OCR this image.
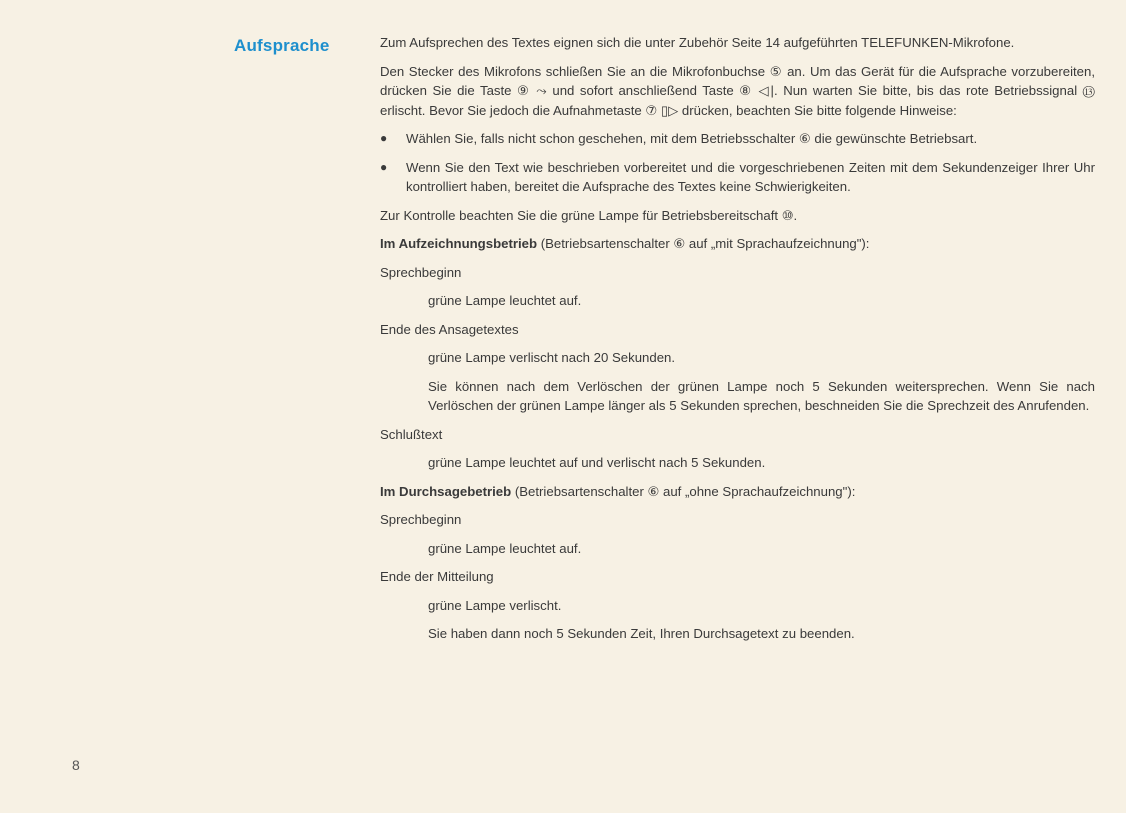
Aufsprache	Zum Aufsprechen des Textes eignen sich die unter Zubehör Seite 14 aufgeführten TELEFUNKEN-Mikrofone.

Den Stecker des Mikrofons schließen Sie an die Mikrofonbuchse ⑤ an. Um das Gerät für die Aufsprache vorzubereiten, drücken Sie die Taste ⑨ ⤳ und sofort anschließend Taste ⑧ ◁|. Nun warten Sie bitte, bis das rote Betriebssignal ⑬ erlischt. Bevor Sie jedoch die Aufnahmetaste ⑦ ▯▷ drücken, beachten Sie bitte folgende Hinweise:

●	Wählen Sie, falls nicht schon geschehen, mit dem Betriebsschalter ⑥ die gewünschte Betriebsart.
●	Wenn Sie den Text wie beschrieben vorbereitet und die vorgeschriebenen Zeiten mit dem Sekundenzeiger Ihrer Uhr kontrolliert haben, bereitet die Aufsprache des Textes keine Schwierigkeiten.

Zur Kontrolle beachten Sie die grüne Lampe für Betriebsbereitschaft ⑩.

Im Aufzeichnungsbetrieb (Betriebsartenschalter ⑥ auf „mit Sprachaufzeichnung"):

Sprechbeginn

grüne Lampe leuchtet auf.

Ende des Ansagetextes

grüne Lampe verlischt nach 20 Sekunden.

Sie können nach dem Verlöschen der grünen Lampe noch 5 Sekunden weitersprechen. Wenn Sie nach Verlöschen der grünen Lampe länger als 5 Sekunden sprechen, beschneiden Sie die Sprechzeit des Anrufenden.

Schlußtext

grüne Lampe leuchtet auf und verlischt nach 5 Sekunden.

Im Durchsagebetrieb (Betriebsartenschalter ⑥ auf „ohne Sprachaufzeichnung"):

Sprechbeginn

grüne Lampe leuchtet auf.

Ende der Mitteilung

grüne Lampe verlischt.

Sie haben dann noch 5 Sekunden Zeit, Ihren Durchsagetext zu beenden.

8
